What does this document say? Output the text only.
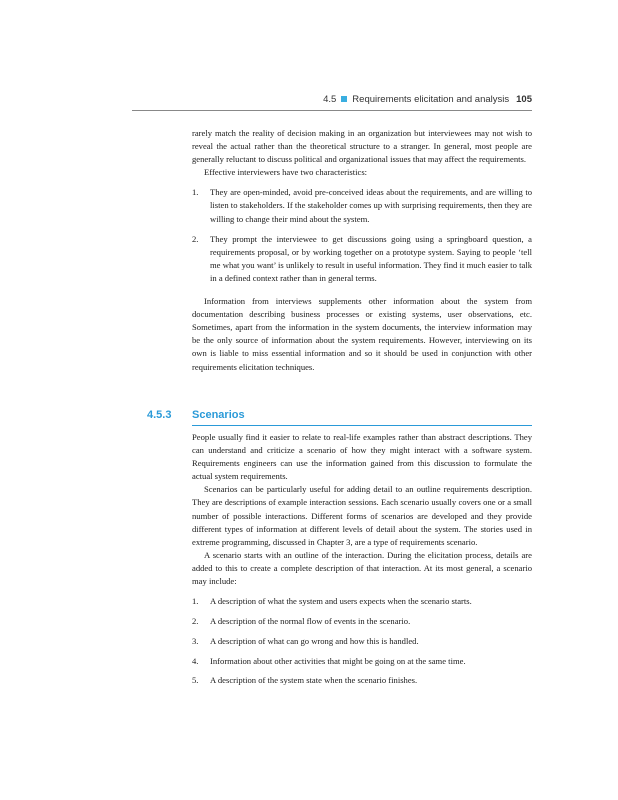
4.5 Requirements elicitation and analysis 105

rarely match the reality of decision making in an organization but interviewees may not wish to reveal the actual rather than the theoretical structure to a stranger. In general, most people are generally reluctant to discuss political and organizational issues that may affect the requirements.

Effective interviewers have two characteristics:

1. They are open-minded, avoid pre-conceived ideas about the requirements, and are willing to listen to stakeholders. If the stakeholder comes up with surprising requirements, then they are willing to change their mind about the system.
2. They prompt the interviewee to get discussions going using a springboard question, a requirements proposal, or by working together on a prototype system. Saying to people ‘tell me what you want’ is unlikely to result in useful information. They find it much easier to talk in a defined context rather than in general terms.

Information from interviews supplements other information about the system from documentation describing business processes or existing systems, user observations, etc. Sometimes, apart from the information in the system documents, the interview information may be the only source of information about the system requirements. However, interviewing on its own is liable to miss essential information and so it should be used in conjunction with other requirements elicitation techniques.

4.5.3 Scenarios

People usually find it easier to relate to real-life examples rather than abstract descriptions. They can understand and criticize a scenario of how they might interact with a software system. Requirements engineers can use the information gained from this discussion to formulate the actual system requirements.

Scenarios can be particularly useful for adding detail to an outline requirements description. They are descriptions of example interaction sessions. Each scenario usually covers one or a small number of possible interactions. Different forms of scenarios are developed and they provide different types of information at different levels of detail about the system. The stories used in extreme programming, discussed in Chapter 3, are a type of requirements scenario.

A scenario starts with an outline of the interaction. During the elicitation process, details are added to this to create a complete description of that interaction. At its most general, a scenario may include:

1. A description of what the system and users expects when the scenario starts.
2. A description of the normal flow of events in the scenario.
3. A description of what can go wrong and how this is handled.
4. Information about other activities that might be going on at the same time.
5. A description of the system state when the scenario finishes.
